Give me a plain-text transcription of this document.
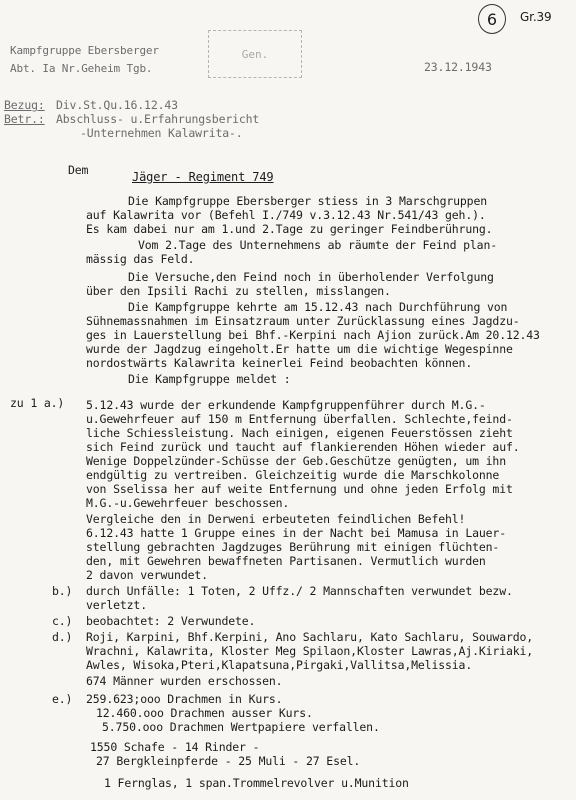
6 Gr.39
Kampfgruppe Ebersberger
Abt. Ia Nr.Geheim Tgb.
Gen.
23.12.1943
Bezug: Div.St.Qu.16.12.43
Betr.: Abschluss- u.Erfahrungsbericht
-Unternehmen Kalawrita-.
Dem	Jäger - Regiment 749
Die Kampfgruppe Ebersberger stiess in 3 Marschgruppen
auf Kalawrita vor (Befehl I./749 v.3.12.43 Nr.541/43 geh.).
Es kam dabei nur am 1.und 2.Tage zu geringer Feindberührung.
Vom 2.Tage des Unternehmens ab räumte der Feind plan-
mässig das Feld.
Die Versuche,den Feind noch in überholender Verfolgung
über den Ipsili Rachi zu stellen, misslangen.
Die Kampfgruppe kehrte am 15.12.43 nach Durchführung von
Sühnemassnahmen im Einsatzraum unter Zurücklassung eines Jagdzu-
ges in Lauerstellung bei Bhf.-Kerpini nach Ajion zurück.Am 20.12.43
wurde der Jagdzug eingeholt.Er hatte um die wichtige Wegespinne
nordostwärts Kalawrita keinerlei Feind beobachten können.
Die Kampfgruppe meldet :
zu 1 a.) 5.12.43 wurde der erkundende Kampfgruppenführer durch M.G.-
u.Gewehrfeuer auf 150 m Entfernung überfallen. Schlechte,feind-
liche Schiessleistung. Nach einigen, eigenen Feuerstössen zieht
sich Feind zurück und taucht auf flankierenden Höhen wieder auf.
Wenige Doppelzünder-Schüsse der Geb.Geschütze genügten, um ihn
endgültig zu vertreiben. Gleichzeitig wurde die Marschkolonne
von Sselissa her auf weite Entfernung und ohne jeden Erfolg mit
M.G.-u.Gewehrfeuer beschossen.
Vergleiche den in Derweni erbeuteten feindlichen Befehl!
6.12.43 hatte 1 Gruppe eines in der Nacht bei Mamusa in Lauer-
stellung gebrachten Jagdzuges Berührung mit einigen flüchten-
den, mit Gewehren bewaffneten Partisanen. Vermutlich wurden
2 davon verwundet.
b.) durch Unfälle: 1 Toten, 2 Uffz./ 2 Mannschaften verwundet bezw.
verletzt.
c.) beobachtet: 2 Verwundete.
d.) Roji, Karpini, Bhf.Kerpini, Ano Sachlaru, Kato Sachlaru, Souwardo,
Wrachni, Kalawrita, Kloster Meg Spilaon,Kloster Lawras,Aj.Kiriaki,
Awles, Wisoka,Pteri,Klapatsuna,Pirgaki,Vallitsa,Melissia.
674 Männer wurden erschossen.
e.) 259.623;ooo Drachmen in Kurs.
12.460.ooo Drachmen ausser Kurs.
5.750.ooo Drachmen Wertpapiere verfallen.
1550 Schafe - 14 Rinder -
27 Bergkleinpferde - 25 Muli - 27 Esel.
1 Fernglas, 1 span.Trommelrevolver u.Munition
